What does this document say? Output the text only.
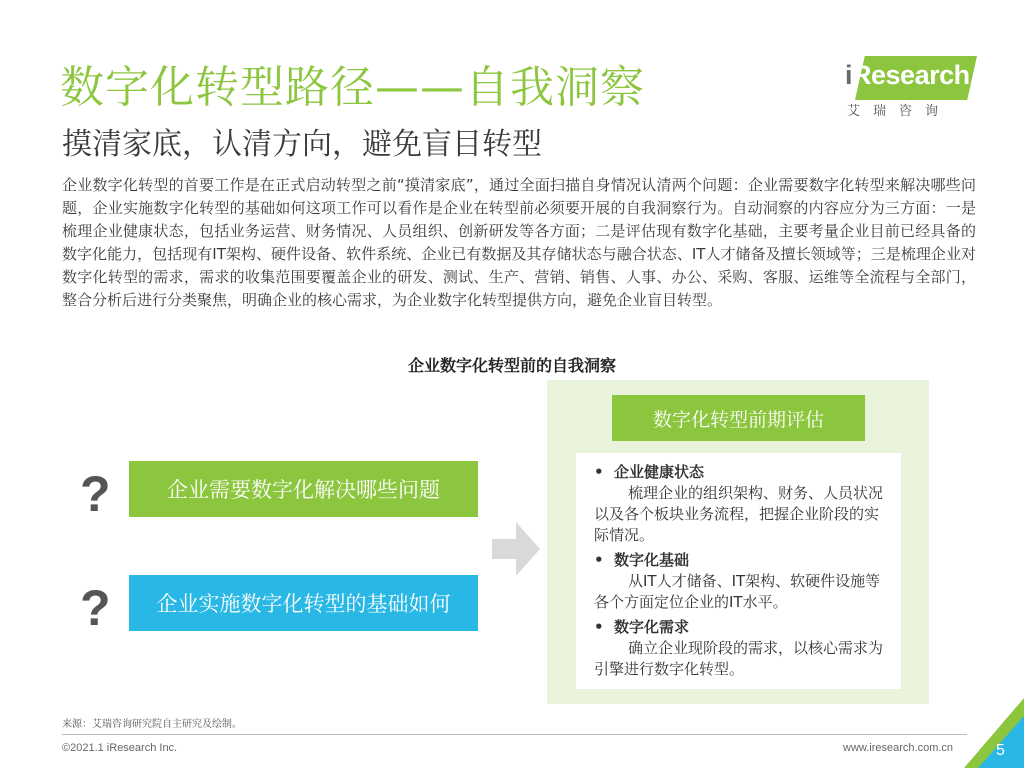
数字化转型路径——自我洞察
摸清家底，认清方向，避免盲目转型
iResearch
艾瑞咨询
企业数字化转型的首要工作是在正式启动转型之前“摸清家底”，通过全面扫描自身情况认清两个问题：企业需要数字化转型来解决哪些问题，企业实施数字化转型的基础如何这项工作可以看作是企业在转型前必须要开展的自我洞察行为。自动洞察的内容应分为三方面：一是梳理企业健康状态，包括业务运营、财务情况、人员组织、创新研发等各方面；二是评估现有数字化基础，主要考量企业目前已经具备的数字化能力，包括现有IT架构、硬件设备、软件系统、企业已有数据及其存储状态与融合状态、IT人才储备及擅长领域等；三是梳理企业对数字化转型的需求，需求的收集范围要覆盖企业的研发、测试、生产、营销、销售、人事、办公、采购、客服、运维等全流程与全部门，整合分析后进行分类聚焦，明确企业的核心需求，为企业数字化转型提供方向，避免企业盲目转型。
企业数字化转型前的自我洞察
?
?
企业需要数字化解决哪些问题
企业实施数字化转型的基础如何
数字化转型前期评估
• 企业健康状态
梳理企业的组织架构、财务、人员状况以及各个板块业务流程，把握企业阶段的实际情况。
• 数字化基础
从IT人才储备、IT架构、软硬件设施等各个方面定位企业的IT水平。
• 数字化需求
确立企业现阶段的需求，以核心需求为引擎进行数字化转型。
来源：艾瑞咨询研究院自主研究及绘制。
©2021.1 iResearch Inc.	www.iresearch.com.cn	5
